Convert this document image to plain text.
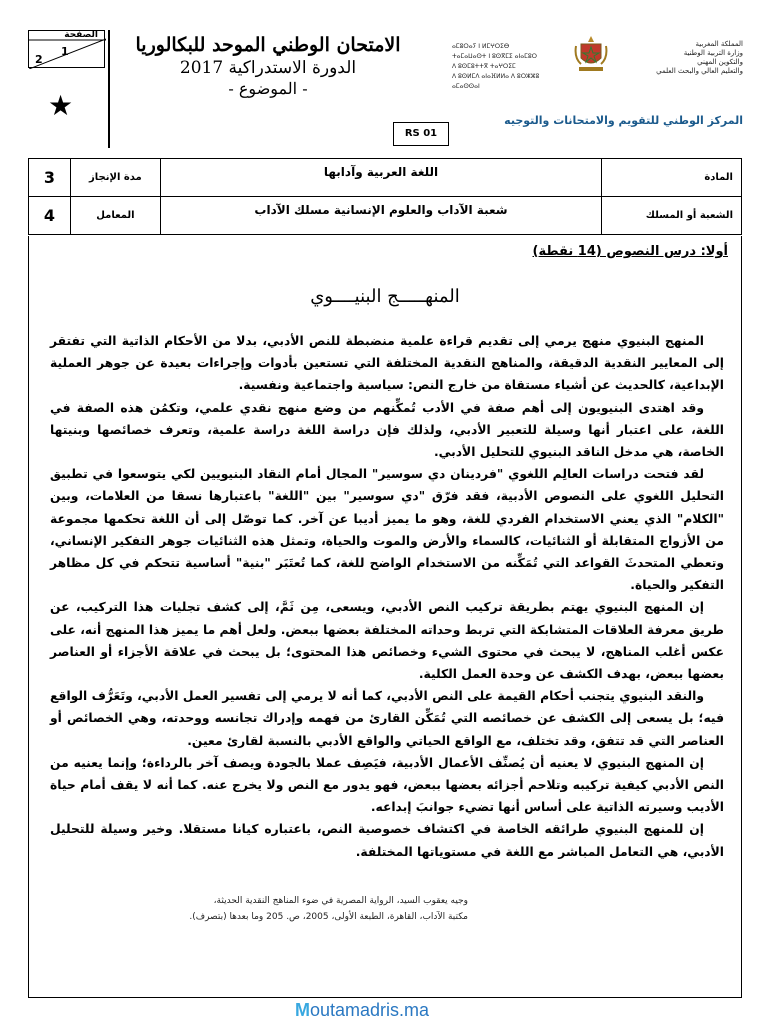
الصفحة
1
2
★
الامتحان الوطني الموحد للبكالوريا
الدورة الاستدراكية 2017
- الموضوع -
RS 01
ⴰⵎⵓⵔⴰⵢ ⵏ ⵍⵎⵖⵔⵉⴱ
ⵜⴰⵎⴰⵡⴰⵙⵜ ⵏ ⵓⵙⴳⵎⵉ ⴰⵏⴰⵎⵓⵔ
ⴷ ⵓⵙⵎⵓⵜⵜⴳ ⵜⴰⵖⵔⵉⵎ
ⴷ ⵓⵙⵍⵎⴷ ⴰⵏⴰⴼⵍⵍⴰ ⴷ ⵓⵔⵣⵣⵓ ⴰⵎⴰⵙⵙⴰⵏ
المملكة المغربية
وزارة التربية الوطنية
والتكوين المهني
والتعليم العالي والبحث العلمي
المركز الوطني للتقويم والامتحانات والتوجيه
3	مدة الإنجاز	اللغة العربية وآدابها	المادة
4	المعامل	شعبة الآداب والعلوم الإنسانية مسلك الآداب	الشعبة أو المسلك
أولا: درس النصوص (14 نقطة)
المنهـــــج البنيــــوي

المنهج البنيوي منهج يرمي إلى تقديم قراءة علمية منضبطة للنص الأدبي، بدلا من الأحكام الذاتية التي تفتقر إلى المعايير النقدية الدقيقة، والمناهج النقدية المختلفة التي تستعين بأدوات وإجراءات بعيدة عن جوهر العملية الإبداعية، كالحديث عن أشياء مستقاة من خارج النص: سياسية واجتماعية ونفسية.

وقد اهتدى البنيويون إلى أهم صفة في الأدب تُمكِّنهم من وضع منهج نقدي علمي، وتكمُن هذه الصفة في اللغة، على اعتبار أنها وسيلة للتعبير الأدبي، ولذلك فإن دراسة اللغة دراسة علمية، وتعرف خصائصها وبنيتها الخاصة، هي مدخل الناقد البنيوي للتحليل الأدبي.

لقد فتحت دراسات العالِم اللغوي "فردينان دي سوسير" المجال أمام النقاد البنيويين لكي يتوسعوا في تطبيق التحليل اللغوي على النصوص الأدبية، فقد فرّق "دي سوسير" بين "اللغة" باعتبارها نسقا من العلامات، وبين "الكلام" الذي يعني الاستخدام الفردي للغة، وهو ما يميز أديبا عن آخر. كما توصّل إلى أن اللغة تحكمها مجموعة من الأزواج المتقابلة أو الثنائيات، كالسماء والأرض والموت والحياة، وتمثل هذه الثنائيات جوهر التفكير الإنساني، وتعطي المتحدثَ القواعد التي تُمَكِّنه من الاستخدام الواضح للغة، كما تُعتَبَر "بنية" أساسية تتحكم في كل مظاهر التفكير والحياة.

إن المنهج البنيوي يهتم بطريقة تركيب النص الأدبي، ويسعى، مِن ثَمَّ، إلى كشف تجليات هذا التركيب، عن طريق معرفة العلاقات المتشابكة التي تربط وحداته المختلفة بعضها ببعض. ولعل أهم ما يميز هذا المنهج أنه، على عكس أغلب المناهج، لا يبحث في محتوى الشيء وخصائص هذا المحتوى؛ بل يبحث في علاقة الأجزاء أو العناصر بعضها ببعض، بهدف الكشف عن وحدة العمل الكلية.

والنقد البنيوي يتجنب أحكام القيمة على النص الأدبي، كما أنه لا يرمي إلى تفسير العمل الأدبي، وتَعَرُّف الواقع فيه؛ بل يسعى إلى الكشف عن خصائصه التي تُمَكِّن القارئ من فهمه وإدراك تجانسه ووحدته، وهي الخصائص أو العناصر التي قد تتفق، وقد تختلف، مع الواقع الحياتي والواقع الأدبي بالنسبة لقارئ معين.

إن المنهج البنيوي لا يعنيه أن يُصنِّف الأعمال الأدبية، فيَصِف عملا بالجودة ويصف آخر بالرداءة؛ وإنما يعنيه من النص الأدبي كيفية تركيبه وتلاحم أجزائه بعضها ببعض، فهو يدور مع النص ولا يخرج عنه. كما أنه لا يقف أمام حياة الأديب وسيرته الذاتية على أساس أنها تضيء جوانبَ إبداعه.

إن للمنهج البنيوي طرائقه الخاصة في اكتشاف خصوصية النص، باعتباره كيانا مستقلا. وخير وسيلة للتحليل الأدبي، هي التعامل المباشر مع اللغة في مستوياتها المختلفة.

وجيه يعقوب السيد، الرواية المصرية في ضوء المناهج النقدية الحديثة،
مكتبة الآداب، القاهرة، الطبعة الأولى، 2005، ص. 205 وما بعدها (بتصرف).
Moutamadris.ma
